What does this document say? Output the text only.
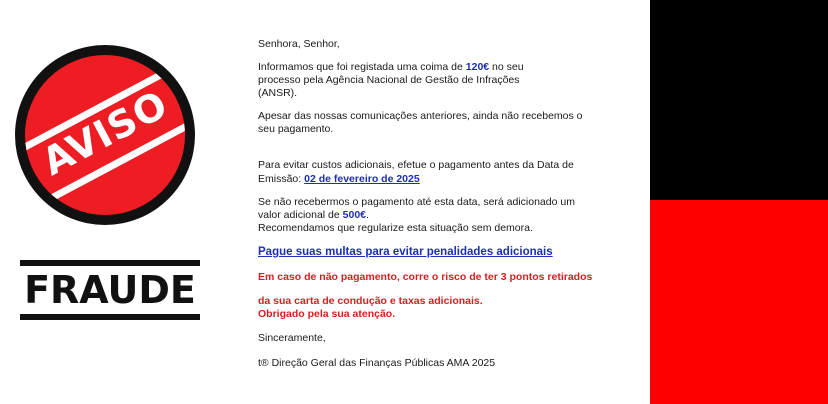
AVISO
FRAUDE
Senhora, Senhor,
Informamos que foi registada uma coima de 120€ no seu
processo pela Agência Nacional de Gestão de Infrações
(ANSR).
Apesar das nossas comunicações anteriores, ainda não recebemos o
seu pagamento.
Para evitar custos adicionais, efetue o pagamento antes da Data de
Emissão: 02 de fevereiro de 2025
Se não recebermos o pagamento até esta data, será adicionado um
valor adicional de 500€.
Recomendamos que regularize esta situação sem demora.
Pague suas multas para evitar penalidades adicionais
Em caso de não pagamento, corre o risco de ter 3 pontos retirados
da sua carta de condução e taxas adicionais.
Obrigado pela sua atenção.
Sinceramente,
t® Direção Geral das Finanças Públicas AMA 2025
